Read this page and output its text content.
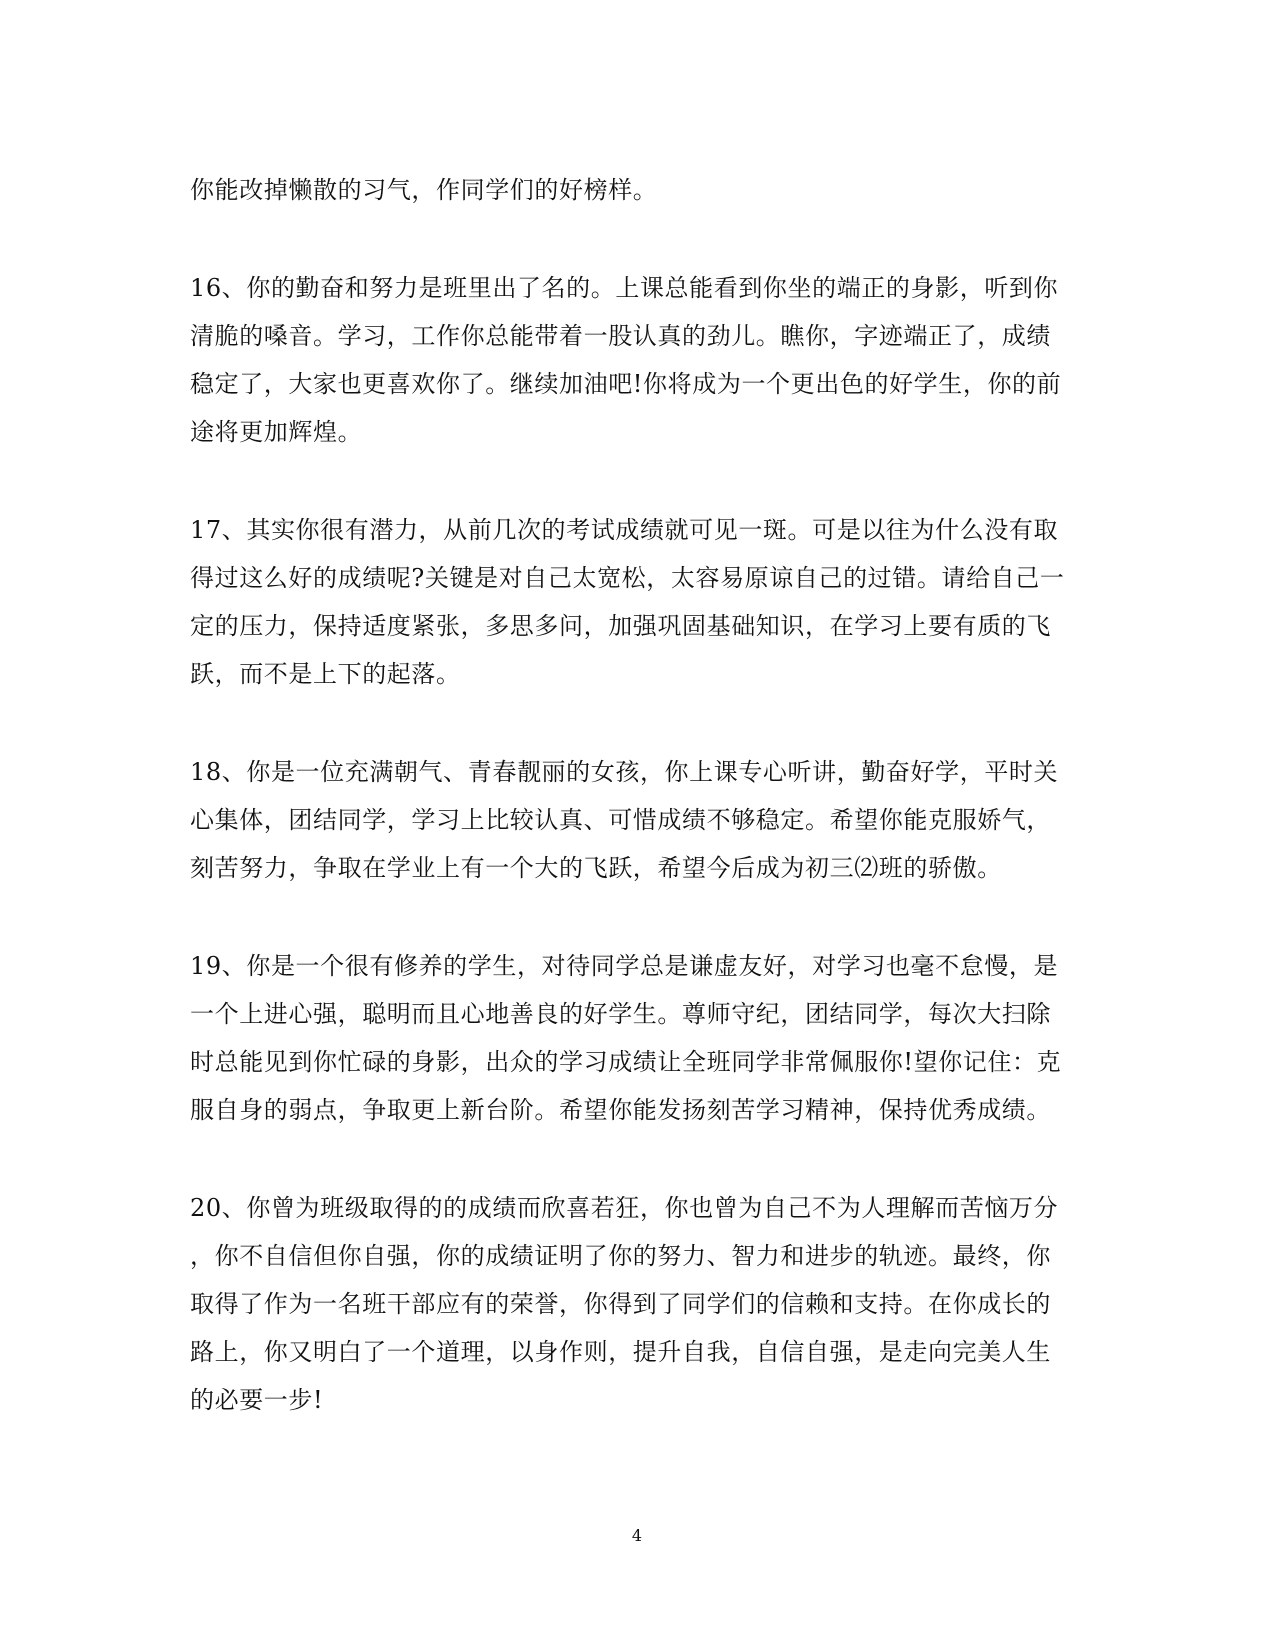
你能改掉懒散的习气，作同学们的好榜样。
16、你的勤奋和努力是班里出了名的。上课总能看到你坐的端正的身影，听到你
清脆的嗓音。学习，工作你总能带着一股认真的劲儿。瞧你，字迹端正了，成绩
稳定了，大家也更喜欢你了。继续加油吧!你将成为一个更出色的好学生，你的前
途将更加辉煌。
17、其实你很有潜力，从前几次的考试成绩就可见一斑。可是以往为什么没有取
得过这么好的成绩呢?关键是对自己太宽松，太容易原谅自己的过错。请给自己一
定的压力，保持适度紧张，多思多问，加强巩固基础知识，在学习上要有质的飞
跃，而不是上下的起落。
18、你是一位充满朝气、青春靓丽的女孩，你上课专心听讲，勤奋好学，平时关
心集体，团结同学，学习上比较认真、可惜成绩不够稳定。希望你能克服娇气，
刻苦努力，争取在学业上有一个大的飞跃，希望今后成为初三⑵班的骄傲。
19、你是一个很有修养的学生，对待同学总是谦虚友好，对学习也毫不怠慢，是
一个上进心强，聪明而且心地善良的好学生。尊师守纪，团结同学，每次大扫除
时总能见到你忙碌的身影，出众的学习成绩让全班同学非常佩服你!望你记住：克
服自身的弱点，争取更上新台阶。希望你能发扬刻苦学习精神，保持优秀成绩。
20、你曾为班级取得的的成绩而欣喜若狂，你也曾为自己不为人理解而苦恼万分
，你不自信但你自强，你的成绩证明了你的努力、智力和进步的轨迹。最终，你
取得了作为一名班干部应有的荣誉，你得到了同学们的信赖和支持。在你成长的
路上，你又明白了一个道理，以身作则，提升自我，自信自强，是走向完美人生
的必要一步!
4
